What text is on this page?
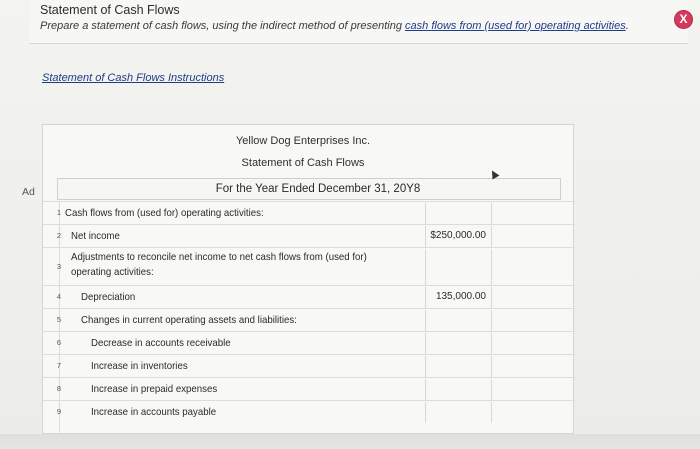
Statement of Cash Flows
Prepare a statement of cash flows, using the indirect method of presenting cash flows from (used for) operating activities.	X
Statement of Cash Flows Instructions
Ad
Yellow Dog Enterprises Inc.
Statement of Cash Flows
For the Year Ended December 31, 20Y8
1 Cash flows from (used for) operating activities:
2 Net income	$250,000.00
3
Adjustments to reconcile net income to net cash flows from (used for) operating activities:
4 Depreciation	135,000.00
5 Changes in current operating assets and liabilities:
6	Decrease in accounts receivable
7	Increase in inventories
8	Increase in prepaid expenses
9	Increase in accounts payable
